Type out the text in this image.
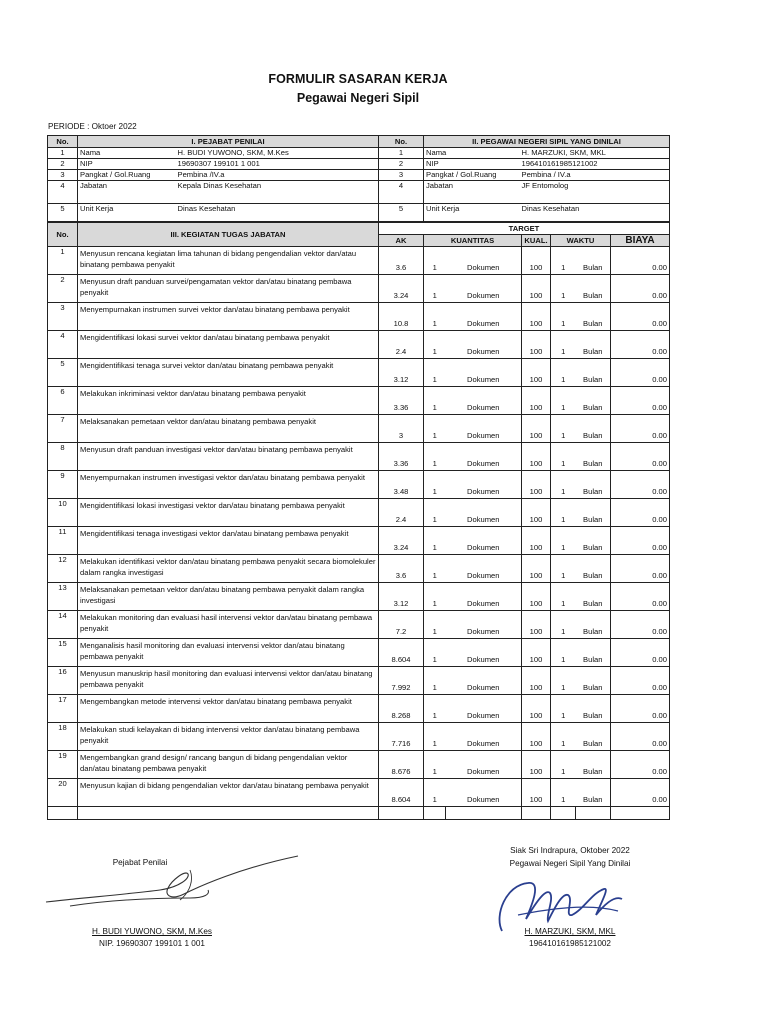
FORMULIR SASARAN KERJA
Pegawai Negeri Sipil
PERIODE : Oktoer 2022
No.	I. PEJABAT PENILAI		No.	II. PEGAWAI NEGERI SIPIL YANG DINILAI	
1	Nama	H. BUDI YUWONO, SKM, M.Kes	1	Nama	H. MARZUKI, SKM, MKL
2	NIP	19690307 199101 1 001	2	NIP	196410161985121002
3	Pangkat / Gol.Ruang	Pembina /IV.a	3	Pangkat / Gol.Ruang	Pembina / IV.a
4	Jabatan	Kepala Dinas Kesehatan	4	Jabatan	JF Entomolog
5	Unit Kerja	Dinas Kesehatan	5	Unit Kerja	Dinas Kesehatan
No.	III. KEGIATAN TUGAS JABATAN	TARGET						
		AK	KUANTITAS		KUAL.	WAKTU		BIAYA
1	Menyusun rencana kegiatan lima tahunan di bidang pengendalian vektor dan/atau binatang pembawa penyakit	3.6	1	Dokumen	100	1	Bulan	0.00
2	Menyusun draft panduan survei/pengamatan vektor dan/atau binatang pembawa penyakit	3.24	1	Dokumen	100	1	Bulan	0.00
3	Menyempurnakan instrumen survei vektor dan/atau binatang pembawa penyakit	10.8	1	Dokumen	100	1	Bulan	0.00
4	Mengidentifikasi lokasi survei vektor dan/atau binatang pembawa penyakit	2.4	1	Dokumen	100	1	Bulan	0.00
5	Mengidentifikasi tenaga survei vektor dan/atau binatang pembawa penyakit	3.12	1	Dokumen	100	1	Bulan	0.00
6	Melakukan inkriminasi vektor dan/atau binatang pembawa penyakit	3.36	1	Dokumen	100	1	Bulan	0.00
7	Melaksanakan pemetaan vektor dan/atau binatang pembawa penyakit	3	1	Dokumen	100	1	Bulan	0.00
8	Menyusun draft panduan investigasi vektor dan/atau binatang pembawa penyakit	3.36	1	Dokumen	100	1	Bulan	0.00
9	Menyempurnakan instrumen investigasi vektor dan/atau binatang pembawa penyakit	3.48	1	Dokumen	100	1	Bulan	0.00
10	Mengidentifikasi lokasi investigasi vektor dan/atau binatang pembawa penyakit	2.4	1	Dokumen	100	1	Bulan	0.00
11	Mengidentifikasi tenaga investigasi vektor dan/atau binatang pembawa penyakit	3.24	1	Dokumen	100	1	Bulan	0.00
12	Melakukan identifikasi vektor dan/atau binatang pembawa penyakit secara biomolekuler dalam rangka investigasi	3.6	1	Dokumen	100	1	Bulan	0.00
13	Melaksanakan pemetaan vektor dan/atau binatang pembawa penyakit dalam rangka investigasi	3.12	1	Dokumen	100	1	Bulan	0.00
14	Melakukan monitoring dan evaluasi hasil intervensi vektor dan/atau binatang pembawa penyakit	7.2	1	Dokumen	100	1	Bulan	0.00
15	Menganalisis hasil monitoring dan evaluasi intervensi vektor dan/atau binatang pembawa penyakit	8.604	1	Dokumen	100	1	Bulan	0.00
16	Menyusun manuskrip hasil monitoring dan evaluasi intervensi vektor dan/atau binatang pembawa penyakit	7.992	1	Dokumen	100	1	Bulan	0.00
17	Mengembangkan metode intervensi vektor dan/atau binatang pembawa penyakit	8.268	1	Dokumen	100	1	Bulan	0.00
18	Melakukan studi kelayakan di bidang intervensi vektor dan/atau binatang pembawa penyakit	7.716	1	Dokumen	100	1	Bulan	0.00
19	Mengembangkan grand design/ rancang bangun di bidang pengendalian vektor dan/atau binatang pembawa penyakit	8.676	1	Dokumen	100	1	Bulan	0.00
20	Menyusun kajian di bidang pengendalian vektor dan/atau binatang pembawa penyakit	8.604	1	Dokumen	100	1	Bulan	0.00

Pejabat Penilai
H. BUDI YUWONO, SKM, M.Kes
NIP. 19690307 199101 1 001
Siak Sri Indrapura, Oktober 2022
Pegawai Negeri Sipil Yang Dinilai
H. MARZUKI, SKM, MKL
196410161985121002
